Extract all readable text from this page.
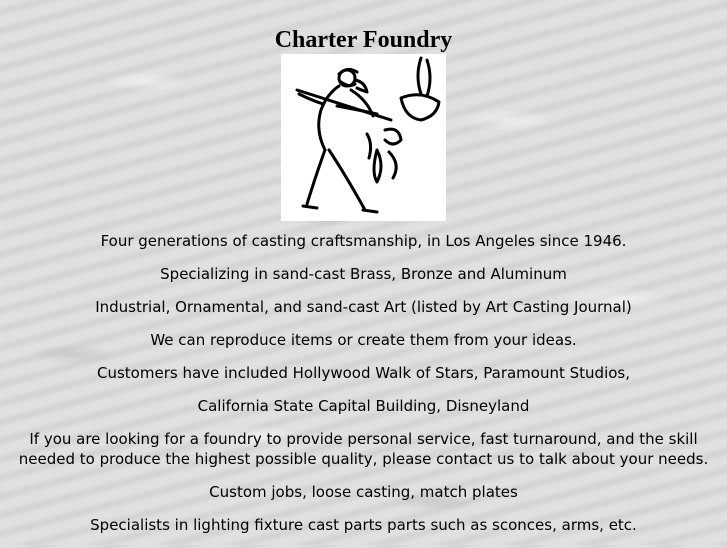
Charter Foundry

Four generations of casting craftsmanship, in Los Angeles since 1946.

Specializing in sand-cast Brass, Bronze and Aluminum

Industrial, Ornamental, and sand-cast Art (listed by Art Casting Journal)

We can reproduce items or create them from your ideas.

Customers have included Hollywood Walk of Stars, Paramount Studios,

California State Capital Building, Disneyland

If you are looking for a foundry to provide personal service, fast turnaround, and the skill needed to produce the highest possible quality, please contact us to talk about your needs.

Custom jobs, loose casting, match plates

Specialists in lighting fixture cast parts parts such as sconces, arms, etc.
